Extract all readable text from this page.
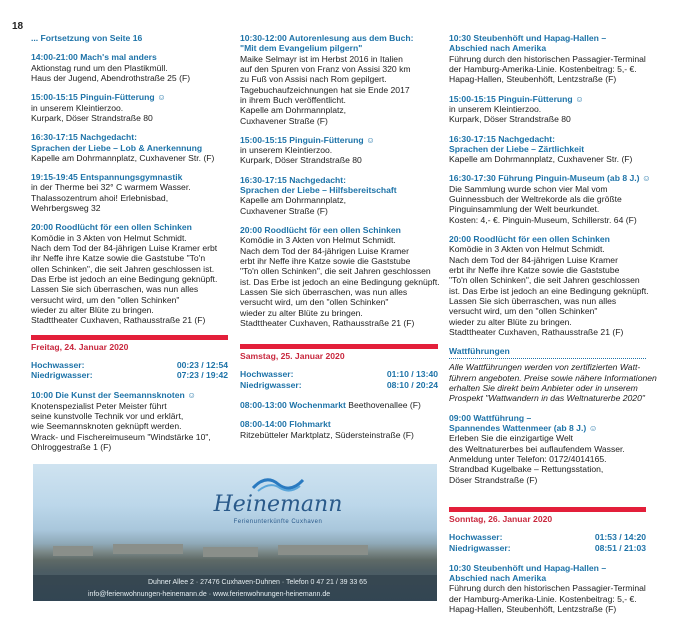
18
... Fortsetzung von Seite 16
14:00-21:00 Mach's mal anders
Aktionstag rund um den Plastikmüll.
Haus der Jugend, Abendrothstraße 25 (F)
15:00-15:15 Pinguin-Fütterung ☺
in unserem Kleintierzoo.
Kurpark, Döser Strandstraße 80
16:30-17:15 Nachgedacht:
Sprachen der Liebe – Lob & Anerkennung
Kapelle am Dohrmannplatz, Cuxhavener Str. (F)
19:15-19:45 Entspannungsgymnastik
in der Therme bei 32° C warmem Wasser.
Thalassozentrum ahoi! Erlebnisbad,
Wehrbergsweg 32
20:00 Roodlücht för een ollen Schinken
Komödie in 3 Akten von Helmut Schmidt.
Nach dem Tod der 84-jährigen Luise Kramer erbt
ihr Neffe ihre Katze sowie die Gaststube "To'n
ollen Schinken", die seit Jahren geschlossen ist.
Das Erbe ist jedoch an eine Bedingung geknüpft.
Lassen Sie sich überraschen, was nun alles
versucht wird, um den "ollen Schinken"
wieder zu alter Blüte zu bringen.
Stadttheater Cuxhaven, Rathausstraße 21 (F)
Freitag, 24. Januar 2020
Hochwasser:	00:23 / 12:54
Niedrigwasser:	07:23 / 19:42
10:00 Die Kunst der Seemannsknoten ☺
Knotenspezialist Peter Meister führt
seine kunstvolle Technik vor und erklärt,
wie Seemannsknoten geknüpft werden.
Wrack- und Fischereimuseum "Windstärke 10",
Ohlroggestraße 1 (F)
10:30-12:00 Autorenlesung aus dem Buch:
"Mit dem Evangelium pilgern"
Maike Selmayr ist im Herbst 2016 in Italien
auf den Spuren von Franz von Assisi 320 km
zu Fuß von Assisi nach Rom gepilgert.
Tagebuchaufzeichnungen hat sie Ende 2017
in ihrem Buch veröffentlicht.
Kapelle am Dohrmannplatz,
Cuxhavener Straße (F)
15:00-15:15 Pinguin-Fütterung ☺
in unserem Kleintierzoo.
Kurpark, Döser Strandstraße 80
16:30-17:15 Nachgedacht:
Sprachen der Liebe – Hilfsbereitschaft
Kapelle am Dohrmannplatz,
Cuxhavener Straße (F)
20:00 Roodlücht för een ollen Schinken
Komödie in 3 Akten von Helmut Schmidt.
Nach dem Tod der 84-jährigen Luise Kramer
erbt ihr Neffe ihre Katze sowie die Gaststube
"To'n ollen Schinken", die seit Jahren geschlossen
ist. Das Erbe ist jedoch an eine Bedingung geknüpft.
Lassen Sie sich überraschen, was nun alles
versucht wird, um den "ollen Schinken"
wieder zu alter Blüte zu bringen.
Stadttheater Cuxhaven, Rathausstraße 21 (F)
Samstag, 25. Januar 2020
Hochwasser:	01:10 / 13:40
Niedrigwasser:	08:10 / 20:24
08:00-13:00 Wochenmarkt Beethovenallee (F)
08:00-14:00 Flohmarkt
Ritzebütteler Marktplatz, Südersteinstraße (F)
10:30 Steubenhöft und Hapag-Hallen –
Abschied nach Amerika
Führung durch den historischen Passagier-Terminal
der Hamburg-Amerika-Linie. Kostenbeitrag: 5,- €.
Hapag-Hallen, Steubenhöft, Lentzstraße (F)
15:00-15:15 Pinguin-Fütterung ☺
in unserem Kleintierzoo.
Kurpark, Döser Strandstraße 80
16:30-17:15 Nachgedacht:
Sprachen der Liebe – Zärtlichkeit
Kapelle am Dohrmannplatz, Cuxhavener Str. (F)
16:30-17:30 Führung Pinguin-Museum (ab 8 J.) ☺
Die Sammlung wurde schon vier Mal vom
Guinnessbuch der Weltrekorde als die größte
Pinguinsammlung der Welt beurkundet.
Kosten: 4,- €. Pinguin-Museum, Schillerstr. 64 (F)
20:00 Roodlücht för een ollen Schinken
Komödie in 3 Akten von Helmut Schmidt.
Nach dem Tod der 84-jährigen Luise Kramer
erbt ihr Neffe ihre Katze sowie die Gaststube
"To'n ollen Schinken", die seit Jahren geschlossen
ist. Das Erbe ist jedoch an eine Bedingung geknüpft.
Lassen Sie sich überraschen, was nun alles
versucht wird, um den "ollen Schinken"
wieder zu alter Blüte zu bringen.
Stadttheater Cuxhaven, Rathausstraße 21 (F)
Wattführungen
Alle Wattführungen werden von zertifizierten Watt-
führern angeboten. Preise sowie nähere Informationen
erhalten Sie direkt beim Anbieter oder in unserem
Prospekt "Wattwandern in das Weltnaturerbe 2020"
09:00 Wattführung –
Spannendes Wattenmeer (ab 8 J.) ☺
Erleben Sie die einzigartige Welt
des Weltnaturerbes bei auflaufendem Wasser.
Anmeldung unter Telefon: 0172/4014165.
Strandbad Kugelbake – Rettungsstation,
Döser Strandstraße (F)
Sonntag, 26. Januar 2020
Hochwasser:	01:53 / 14:20
Niedrigwasser:	08:51 / 21:03
10:30 Steubenhöft und Hapag-Hallen –
Abschied nach Amerika
Führung durch den historischen Passagier-Terminal
der Hamburg-Amerika-Linie. Kostenbeitrag: 5,- €.
Hapag-Hallen, Steubenhöft, Lentzstraße (F)
Heinemann
Ferienunterkünfte Cuxhaven
Duhner Allee 2 · 27476 Cuxhaven-Duhnen · Telefon 0 47 21 / 39 33 65
info@ferienwohnungen-heinemann.de · www.ferienwohnungen-heinemann.de
